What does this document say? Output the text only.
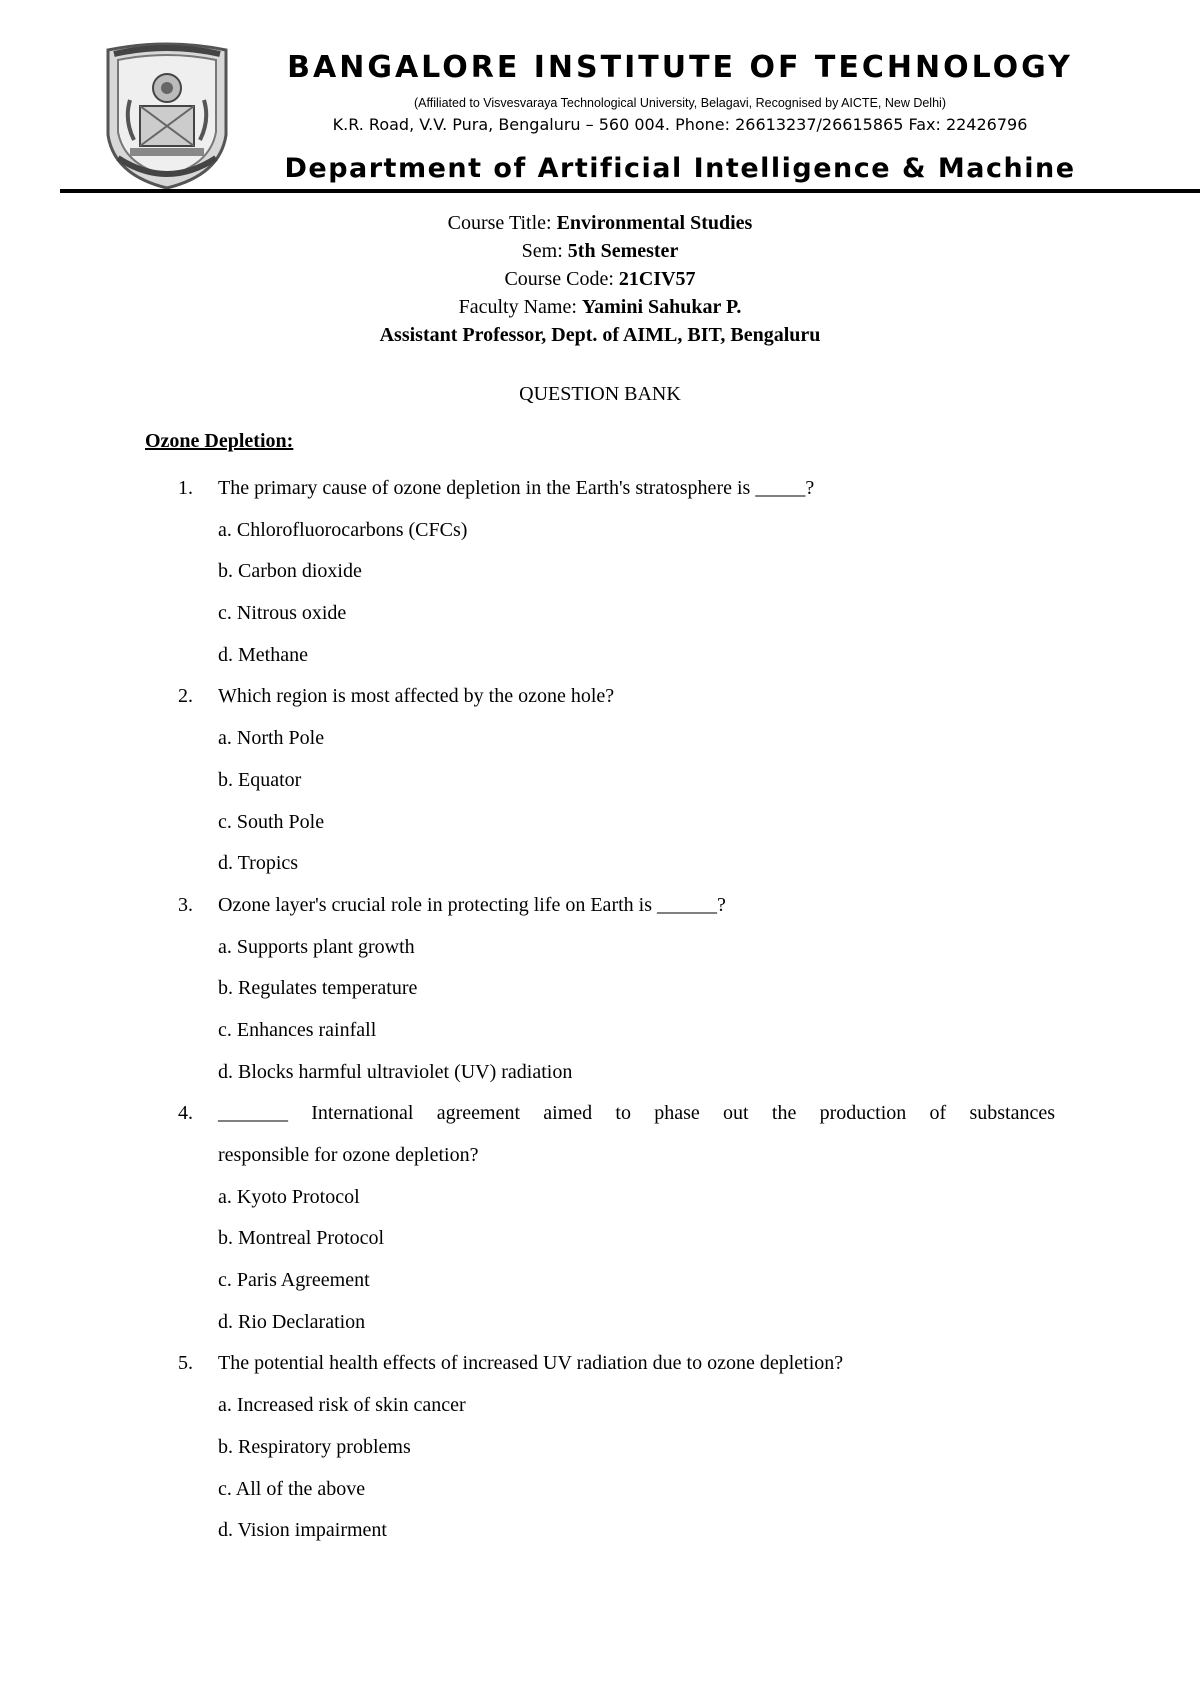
BANGALORE INSTITUTE OF TECHNOLOGY
(Affiliated to Visvesvaraya Technological University, Belagavi, Recognised by AICTE, New Delhi)
K.R. Road, V.V. Pura, Bengaluru – 560 004. Phone: 26613237/26615865 Fax: 22426796
Department of Artificial Intelligence & Machine
Course Title: Environmental Studies
Sem: 5th Semester
Course Code: 21CIV57
Faculty Name: Yamini Sahukar P.
Assistant Professor, Dept. of AIML, BIT, Bengaluru
QUESTION BANK
Ozone Depletion:
1. The primary cause of ozone depletion in the Earth's stratosphere is _____?
a. Chlorofluorocarbons (CFCs)
b. Carbon dioxide
c. Nitrous oxide
d. Methane
2. Which region is most affected by the ozone hole?
a. North Pole
b. Equator
c. South Pole
d. Tropics
3. Ozone layer's crucial role in protecting life on Earth is ______?
a. Supports plant growth
b. Regulates temperature
c. Enhances rainfall
d. Blocks harmful ultraviolet (UV) radiation
4. _______ International agreement aimed to phase out the production of substances
responsible for ozone depletion?
a. Kyoto Protocol
b. Montreal Protocol
c. Paris Agreement
d. Rio Declaration
5. The potential health effects of increased UV radiation due to ozone depletion?
a. Increased risk of skin cancer
b. Respiratory problems
c. All of the above
d. Vision impairment
